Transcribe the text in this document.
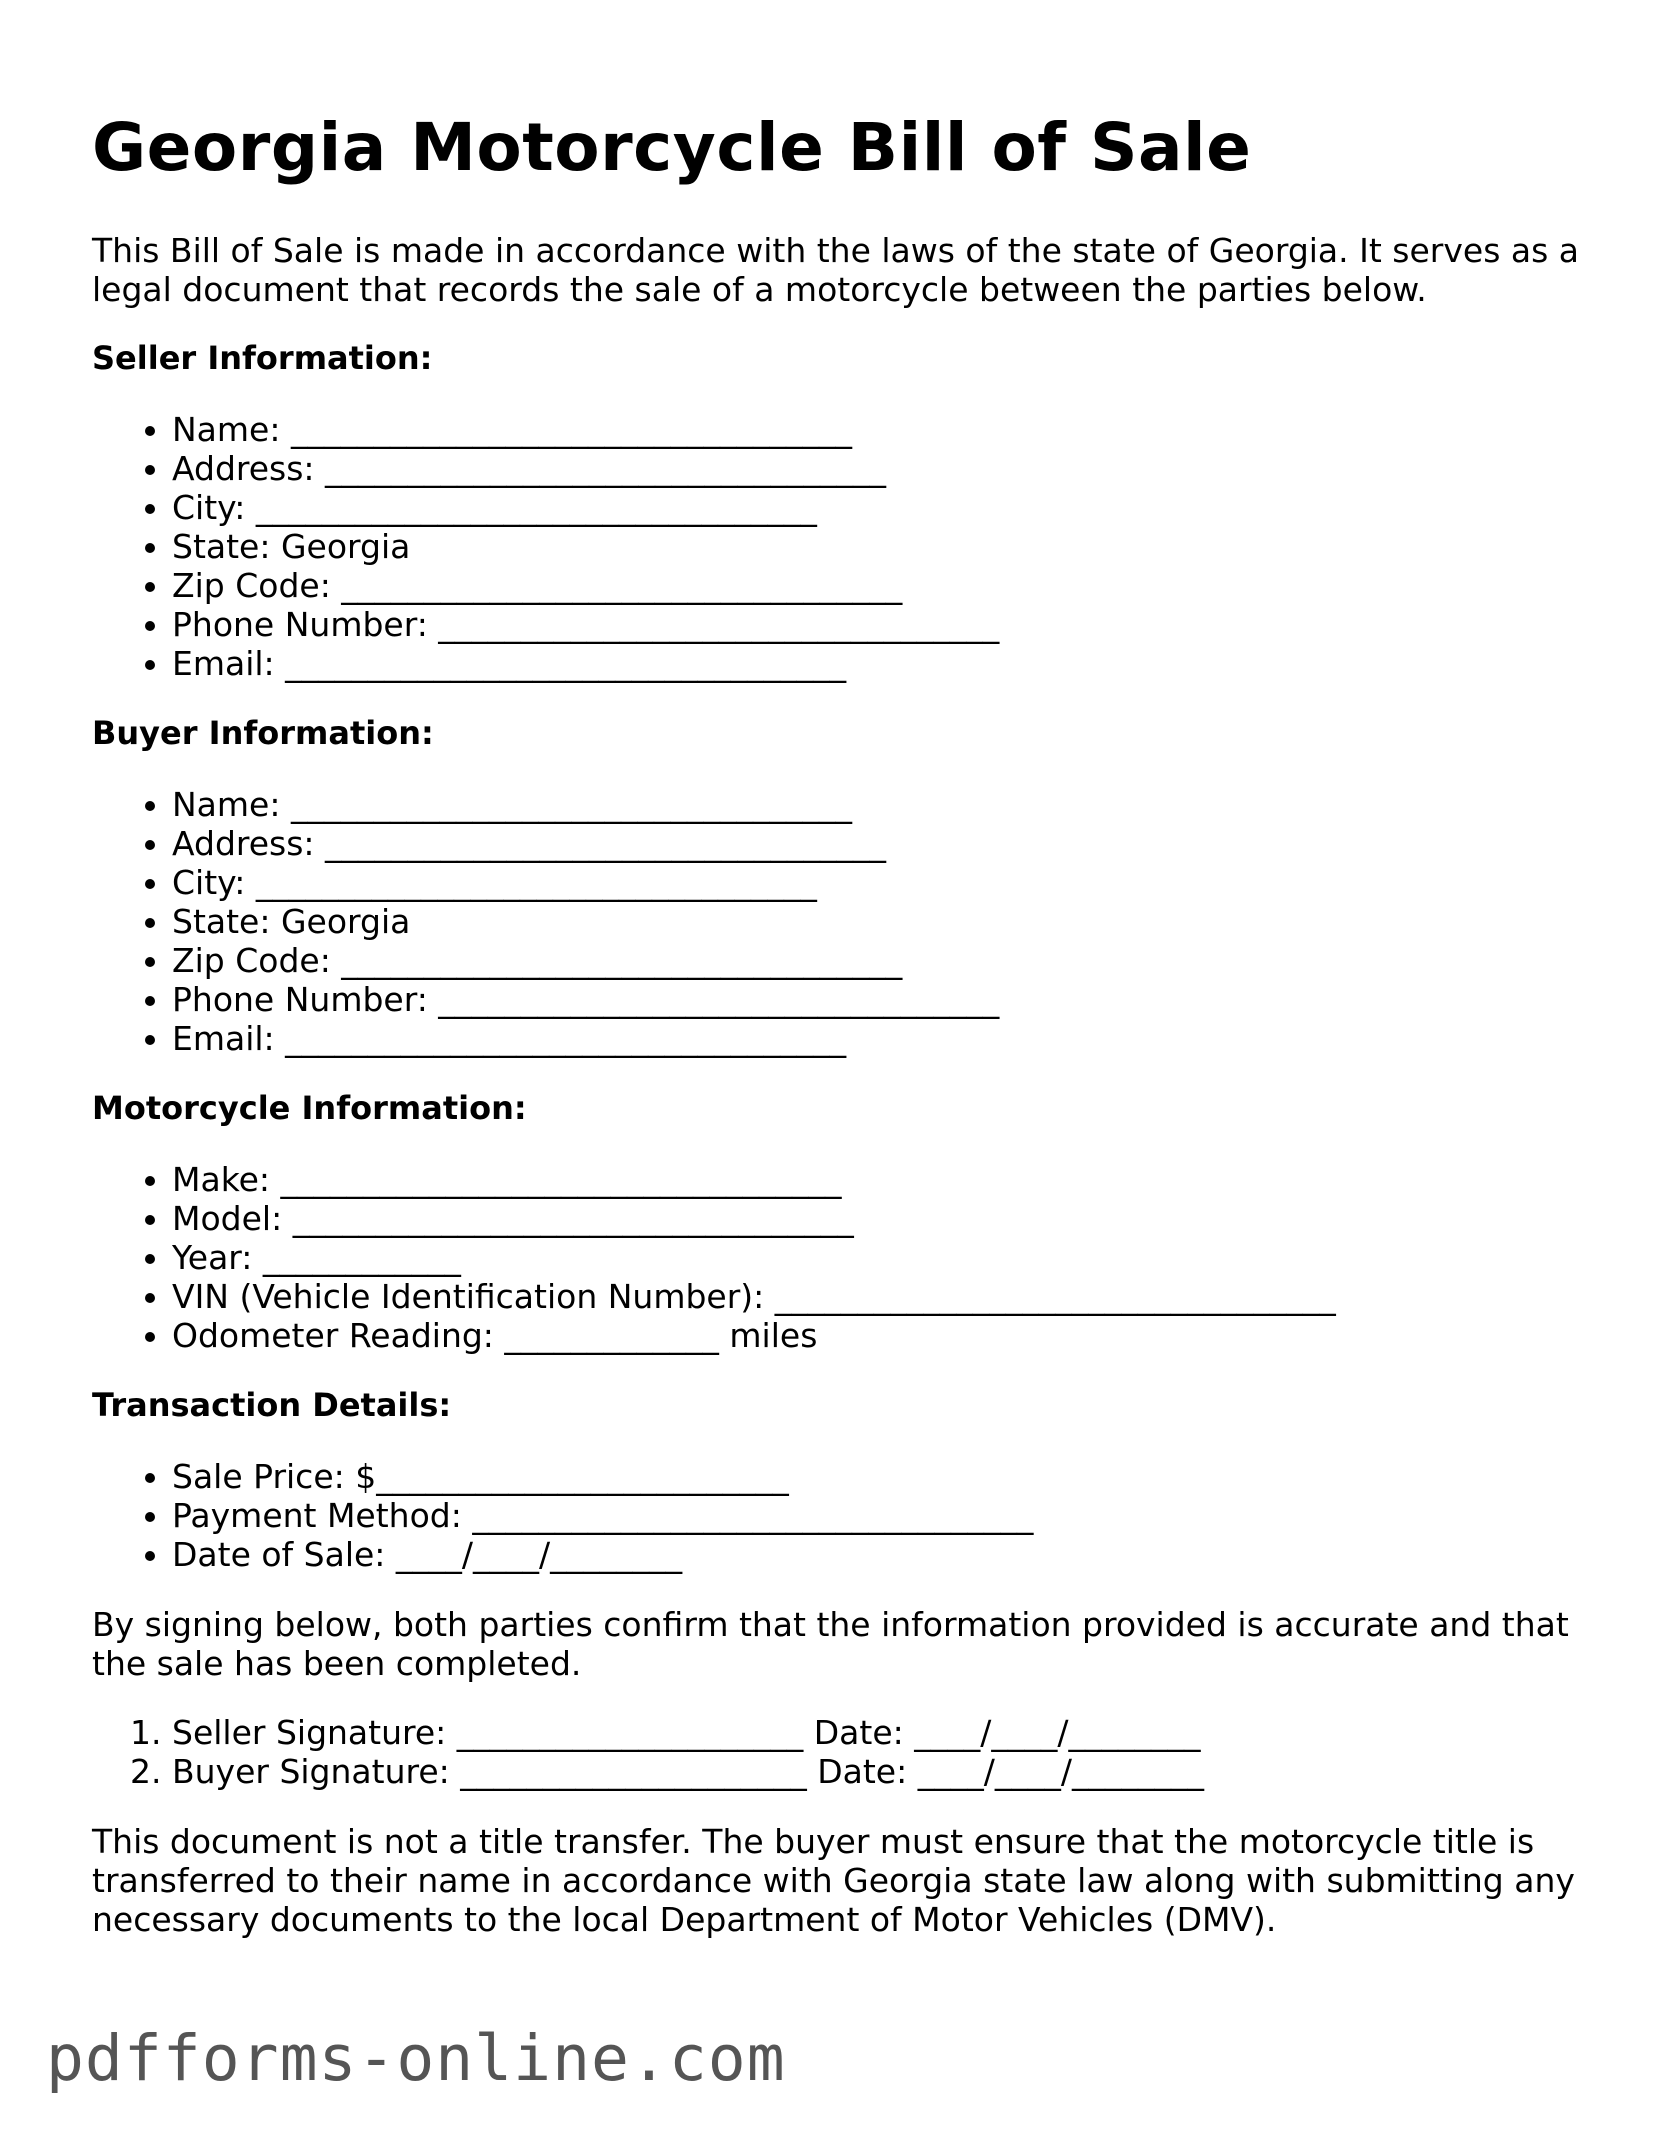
Georgia Motorcycle Bill of Sale

This Bill of Sale is made in accordance with the laws of the state of Georgia. It serves as a
legal document that records the sale of a motorcycle between the parties below.

Seller Information:
• Name: __________________________________
• Address: __________________________________
• City: __________________________________
• State: Georgia
• Zip Code: __________________________________
• Phone Number: __________________________________
• Email: __________________________________
Buyer Information:
• Name: __________________________________
• Address: __________________________________
• City: __________________________________
• State: Georgia
• Zip Code: __________________________________
• Phone Number: __________________________________
• Email: __________________________________
Motorcycle Information:
• Make: __________________________________
• Model: __________________________________
• Year: ____________
• VIN (Vehicle Identification Number): __________________________________
• Odometer Reading: _____________ miles
Transaction Details:
• Sale Price: $_________________________
• Payment Method: __________________________________
• Date of Sale: ____/____/________

By signing below, both parties confirm that the information provided is accurate and that
the sale has been completed.

1. Seller Signature: _____________________ Date: ____/____/________
2. Buyer Signature: _____________________ Date: ____/____/________

This document is not a title transfer. The buyer must ensure that the motorcycle title is
transferred to their name in accordance with Georgia state law along with submitting any
necessary documents to the local Department of Motor Vehicles (DMV).

pdfforms-online.com
